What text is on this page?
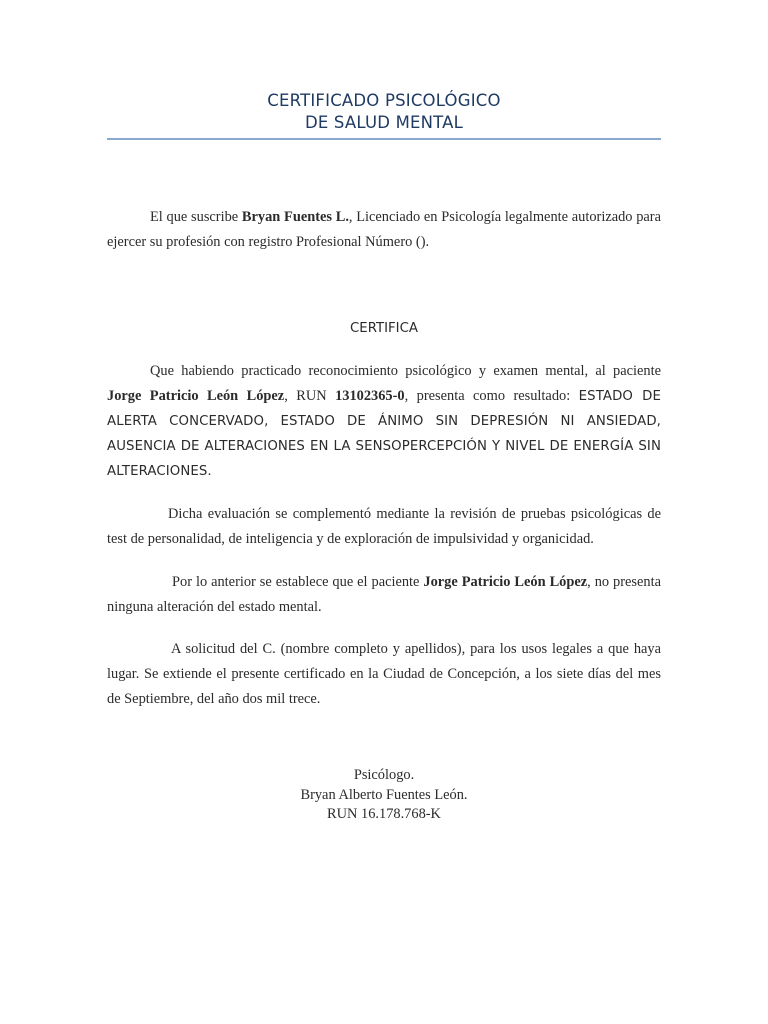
CERTIFICADO PSICOLÓGICO
DE SALUD MENTAL

El que suscribe Bryan Fuentes L., Licenciado en Psicología legalmente autorizado para ejercer su profesión con registro Profesional Número ().

CERTIFICA

Que habiendo practicado reconocimiento psicológico y examen mental, al paciente Jorge Patricio León López, RUN 13102365-0, presenta como resultado: ESTADO DE ALERTA CONCERVADO, ESTADO DE ÁNIMO SIN DEPRESIÓN NI ANSIEDAD, AUSENCIA DE ALTERACIONES EN LA SENSOPERCEPCIÓN Y NIVEL DE ENERGÍA SIN ALTERACIONES.

Dicha evaluación se complementó mediante la revisión de pruebas psicológicas de test de personalidad, de inteligencia y de exploración de impulsividad y organicidad.

Por lo anterior se establece que el paciente Jorge Patricio León López, no presenta ninguna alteración del estado mental.

A solicitud del C. (nombre completo y apellidos), para los usos legales a que haya lugar. Se extiende el presente certificado en la Ciudad de Concepción, a los siete días del mes de Septiembre, del año dos mil trece.

Psicólogo.
Bryan Alberto Fuentes León.
RUN 16.178.768-K
